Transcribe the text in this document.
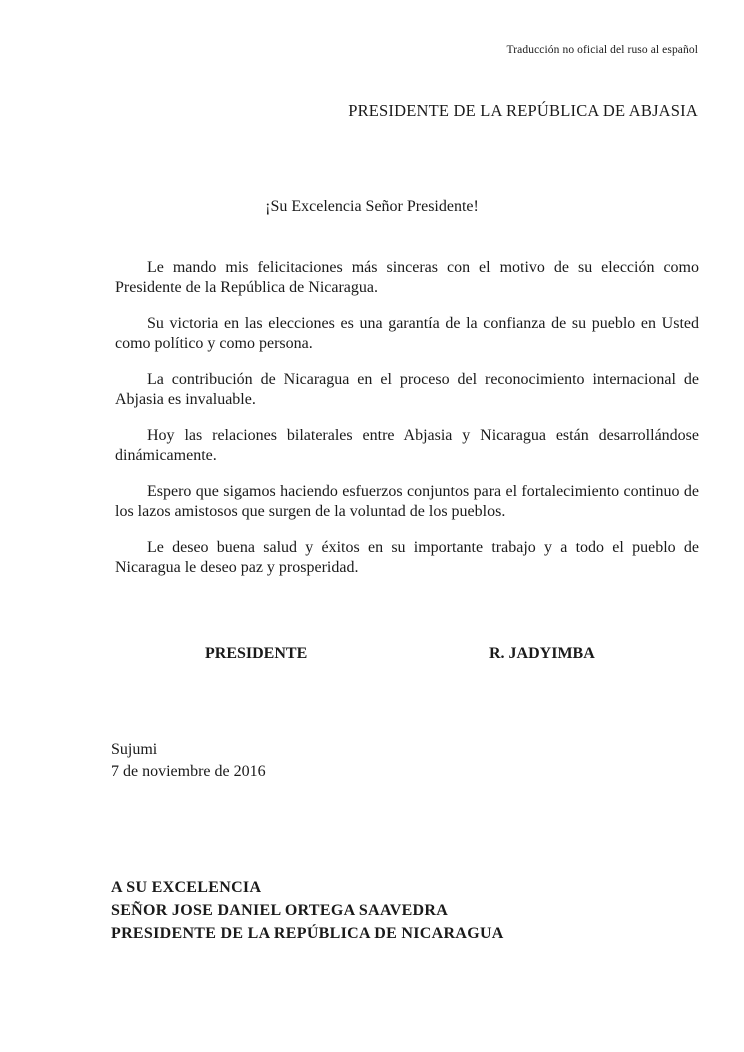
Traducción no oficial del ruso al español
PRESIDENTE DE LA REPÚBLICA DE ABJASIA
¡Su Excelencia Señor Presidente!

Le mando mis felicitaciones más sinceras con el motivo de su elección como Presidente de la República de Nicaragua.

Su victoria en las elecciones es una garantía de la confianza de su pueblo en Usted como político y como persona.

La contribución de Nicaragua en el proceso del reconocimiento internacional de Abjasia es invaluable.

Hoy las relaciones bilaterales entre Abjasia y Nicaragua están desarrollándose dinámicamente.

Espero que sigamos haciendo esfuerzos conjuntos para el fortalecimiento continuo de los lazos amistosos que surgen de la voluntad de los pueblos.

Le deseo buena salud y éxitos en su importante trabajo y a todo el pueblo de Nicaragua le deseo paz y prosperidad.

PRESIDENTE	R. JADYIMBA
Sujumi
7 de noviembre de 2016
A SU EXCELENCIA
SEÑOR JOSE DANIEL ORTEGA SAAVEDRA
PRESIDENTE DE LA REPÚBLICA DE NICARAGUA
